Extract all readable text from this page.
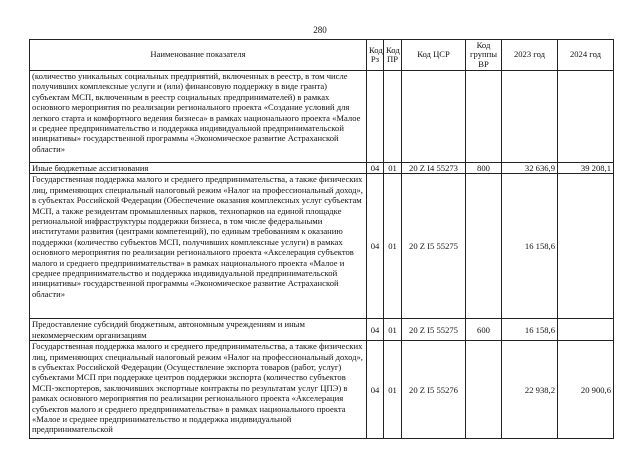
280
Наименование показателя	Код Рз	Код ПР	Код ЦСР	Код группы ВР	2023 год	2024 год
(количество уникальных социальных предприятий, включенных в реестр, в том числе получивших комплексные услуги и (или) финансовую поддержку в виде гранта) субъектам МСП, включенным в реестр социальных предпринимателей) в рамках основного мероприятия по реализации регионального проекта «Создание условий для легкого старта и комфортного ведения бизнеса» в рамках национального проекта «Малое и среднее предпринимательство и поддержка индивидуальной предпринимательской инициативы» государственной программы «Экономическое развитие Астраханской области»						
Иные бюджетные ассигнования	04	01	20 Z I4 55273	800	32 636,9	39 208,1
Государственная поддержка малого и среднего предпринимательства, а также физических лиц, применяющих специальный налоговый режим «Налог на профессиональный доход», в субъектах Российской Федерации (Обеспечение оказания комплексных услуг субъектам МСП, а также резидентам промышленных парков, технопарков на единой площадке региональной инфраструктуры поддержки бизнеса, в том числе федеральными институтами развития (центрами компетенций), по единым требованиям к оказанию поддержки (количество субъектов МСП, получивших комплексные услуги) в рамках основного мероприятия по реализации регионального проекта «Акселерация субъектов малого и среднего предпринимательства» в рамках национального проекта «Малое и среднее предпринимательство и поддержка индивидуальной предпринимательской инициативы» государственной программы «Экономическое развитие Астраханской области»	04	01	20 Z I5 55275		16 158,6	
Предоставление субсидий бюджетным, автономным учреждениям и иным некоммерческим организациям	04	01	20 Z I5 55275	600	16 158,6	

Государственная поддержка малого и среднего предпринимательства, а также физических лиц, применяющих специальный налоговый режим «Налог на профессиональный доход», в субъектах Российской Федерации (Осуществление экспорта товаров (работ, услуг) субъектами МСП при поддержке центров поддержки экспорта (количество субъектов МСП-экспортеров, заключивших экспортные контракты по результатам услуг ЦПЭ) в рамках основного мероприятия по реализации регионального проекта «Акселерация субъектов малого и среднего предпринимательства» в рамках национального проекта «Малое и среднее предпринимательство и поддержка индивидуальной предпринимательской	04	01	20 Z I5 55276		22 938,2	20 900,6
